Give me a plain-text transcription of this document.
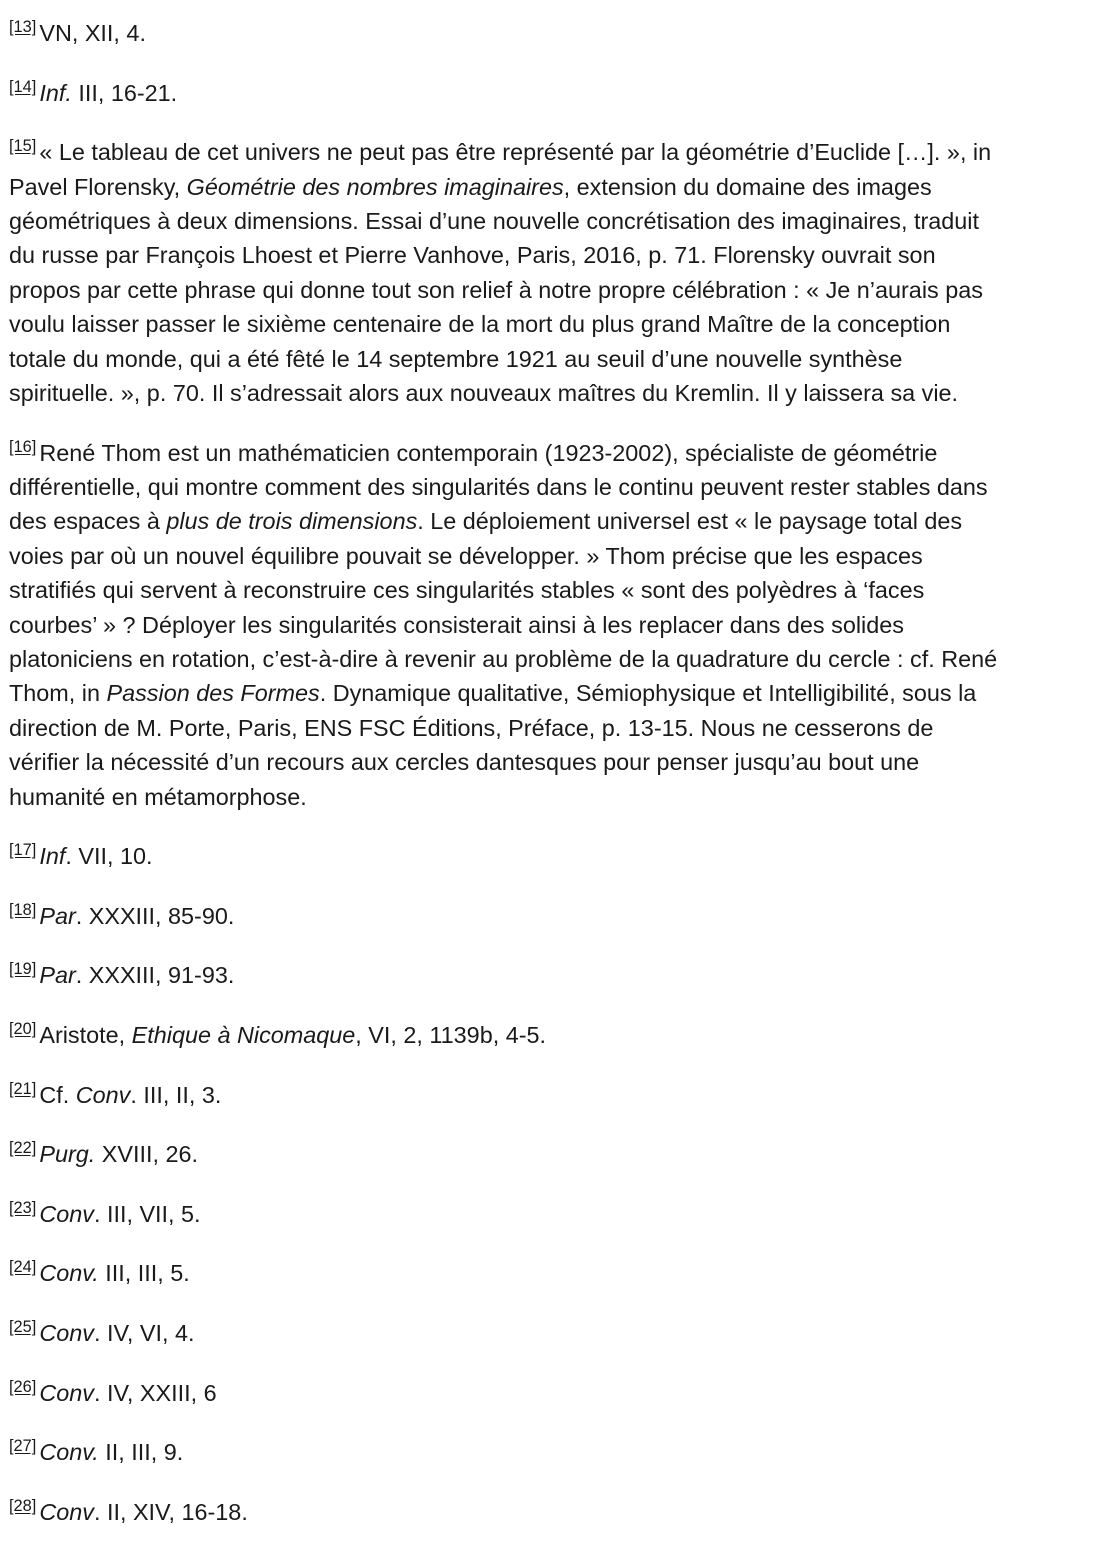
[13] VN, XII, 4.

[14] Inf. III, 16-21.

[15] « Le tableau de cet univers ne peut pas être représenté par la géométrie d’Euclide […]. », in Pavel Florensky, Géométrie des nombres imaginaires, extension du domaine des images géométriques à deux dimensions. Essai d’une nouvelle concrétisation des imaginaires, traduit du russe par François Lhoest et Pierre Vanhove, Paris, 2016, p. 71. Florensky ouvrait son propos par cette phrase qui donne tout son relief à notre propre célébration : « Je n’aurais pas voulu laisser passer le sixième centenaire de la mort du plus grand Maître de la conception totale du monde, qui a été fêté le 14 septembre 1921 au seuil d’une nouvelle synthèse spirituelle. », p. 70. Il s’adressait alors aux nouveaux maîtres du Kremlin. Il y laissera sa vie.

[16] René Thom est un mathématicien contemporain (1923-2002), spécialiste de géométrie différentielle, qui montre comment des singularités dans le continu peuvent rester stables dans des espaces à plus de trois dimensions. Le déploiement universel est « le paysage total des voies par où un nouvel équilibre pouvait se développer. » Thom précise que les espaces stratifiés qui servent à reconstruire ces singularités stables « sont des polyèdres à ‘faces courbes’ » ? Déployer les singularités consisterait ainsi à les replacer dans des solides platoniciens en rotation, c’est-à-dire à revenir au problème de la quadrature du cercle : cf. René Thom, in Passion des Formes. Dynamique qualitative, Sémiophysique et Intelligibilité, sous la direction de M. Porte, Paris, ENS FSC Éditions, Préface, p. 13-15. Nous ne cesserons de vérifier la nécessité d’un recours aux cercles dantesques pour penser jusqu’au bout une humanité en métamorphose.

[17] Inf. VII, 10.

[18] Par. XXXIII, 85-90.

[19] Par. XXXIII, 91-93.

[20] Aristote, Ethique à Nicomaque, VI, 2, 1139b, 4-5.

[21] Cf. Conv. III, II, 3.

[22] Purg. XVIII, 26.

[23] Conv. III, VII, 5.

[24] Conv. III, III, 5.

[25] Conv. IV, VI, 4.

[26] Conv. IV, XXIII, 6

[27] Conv. II, III, 9.

[28] Conv. II, XIV, 16-18.
